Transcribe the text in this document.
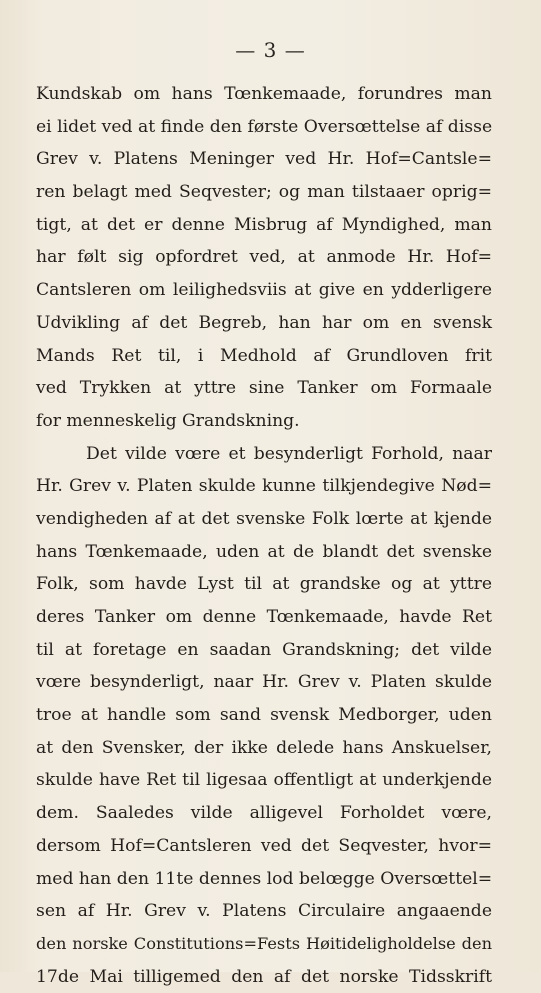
— 3 —
Kundskab om hans Tœnkemaade, forundres man
ei lidet ved at finde den første Oversœttelse af disse
Grev v. Platens Meninger ved Hr. Hof=Cantsle=
ren belagt med Seqvester; og man tilstaaer oprig=
tigt, at det er denne Misbrug af Myndighed, man
har følt sig opfordret ved, at anmode Hr. Hof=
Cantsleren om leilighedsviis at give en ydderligere
Udvikling af det Begreb, han har om en svensk
Mands Ret til, i Medhold af Grundloven frit
ved Trykken at yttre sine Tanker om Formaale
for menneskelig Grandskning.
Det vilde vœre et besynderligt Forhold, naar
Hr. Grev v. Platen skulde kunne tilkjendegive Nød=
vendigheden af at det svenske Folk lœrte at kjende
hans Tœnkemaade, uden at de blandt det svenske
Folk, som havde Lyst til at grandske og at yttre
deres Tanker om denne Tœnkemaade, havde Ret
til at foretage en saadan Grandskning; det vilde
vœre besynderligt, naar Hr. Grev v. Platen skulde
troe at handle som sand svensk Medborger, uden
at den Svensker, der ikke delede hans Anskuelser,
skulde have Ret til ligesaa offentligt at underkjende
dem. Saaledes vilde alligevel Forholdet vœre,
dersom Hof=Cantsleren ved det Seqvester, hvor=
med han den 11te dennes lod belœgge Oversœttel=
sen af Hr. Grev v. Platens Circulaire angaaende
den norske Constitutions=Fests Høitideligholdelse den
17de Mai tilligemed den af det norske Tidsskrift
